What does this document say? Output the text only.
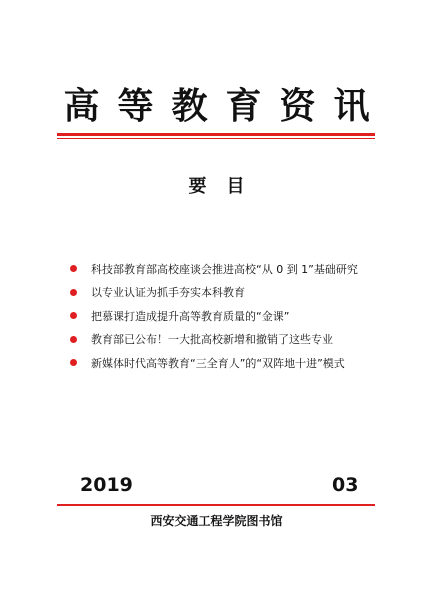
高等教育资讯
要目
科技部教育部高校座谈会推进高校“从 0 到 1”基础研究
以专业认证为抓手夯实本科教育
把慕课打造成提升高等教育质量的“金课”
教育部已公布！一大批高校新增和撤销了这些专业
新媒体时代高等教育“三全育人”的“双阵地十进”模式
2019	03
西安交通工程学院图书馆
